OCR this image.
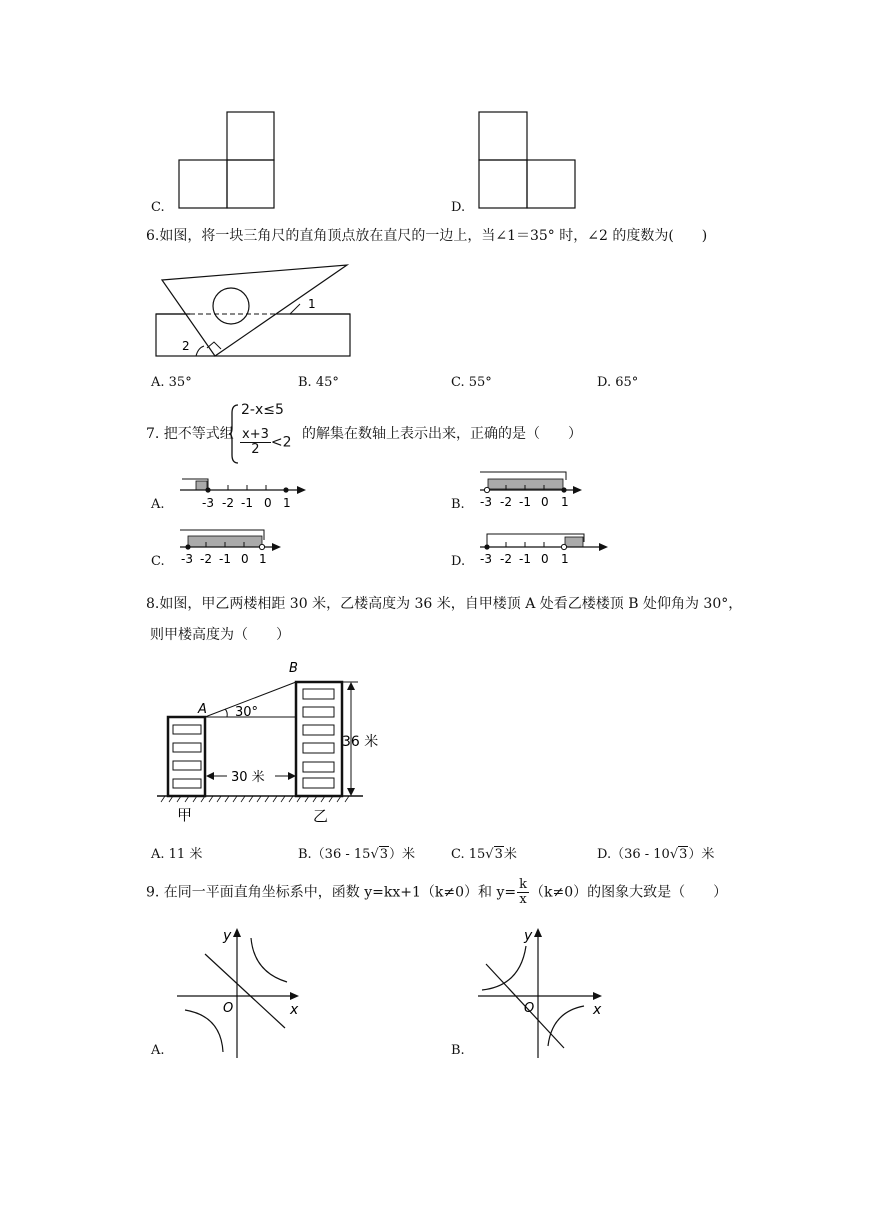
C.	D.
6.如图，将一块三角尺的直角顶点放在直尺的一边上，当∠1＝35° 时，∠2 的度数为(　　)
1
2
A. 35°	B. 45°	C. 55°	D. 65°
7. 把不等式组
2-x≤5
$\frac{x+3}{2} <2$
的解集在数轴上表示出来，正确的是（　　）
-3 -2 -1 0 1
A.	-3 -2 -1 0 1
B.
-3 -2 -1 0 1
C.	-3 -2 -1 0 1
D.
8.如图，甲乙两楼相距 30 米，乙楼高度为 36 米，自甲楼顶 A 处看乙楼楼顶 B 处仰角为 30°，
则甲楼高度为（　　）
A
B
30°
36 米
30 米
甲	乙
A. 11 米	B.（36 - 15√3）米	C. 15√3米	D.（36 - 10√3）米
9. 在同一平面直角坐标系中，函数 y=kx+1（k≠0）和 $y= \frac{k}{x} (k\ne 0)$的图象大致是（　　）
y
x
O
A.
y
x
O
B.
